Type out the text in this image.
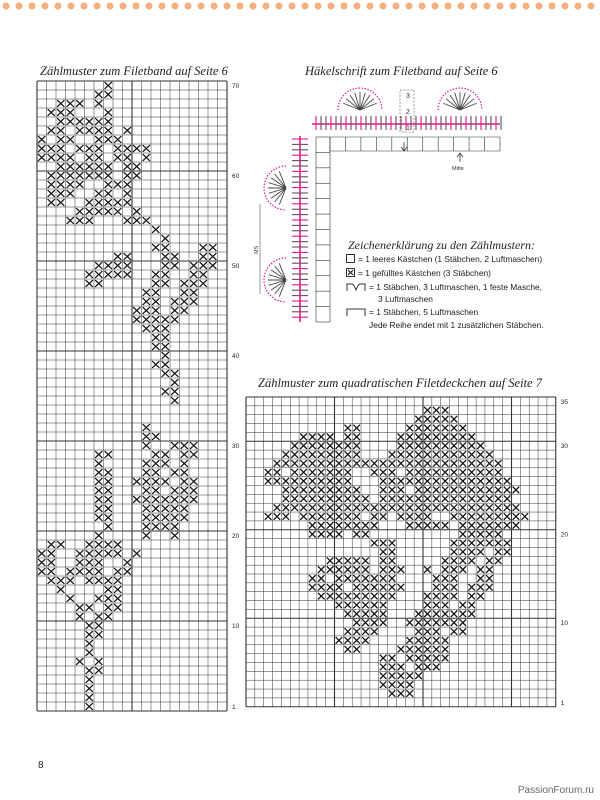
Zählmuster zum Filetband auf Seite 6	Häkelschrift zum Filetband auf Seite 6
Zählmuster zum quadratischen Filetdeckchen auf Seite 7
1
10
20
30
40
50
60
70
3
2
1
Mitte
MS	Zeichenerklärung zu den Zählmustern:
= 1 leeres Kästchen (1 Stäbchen, 2 Luftmaschen)
= 1 gefülltes Kästchen (3 Stäbchen)
= 1 Stäbchen, 3 Luftmaschen, 1 feste Masche,
3 Luftmaschen
= 1 Stäbchen, 5 Luftmaschen
Jede Reihe endet mit 1 zusätzlichen Stäbchen.
1
10
20
30
35
8
PassionForum.ru
